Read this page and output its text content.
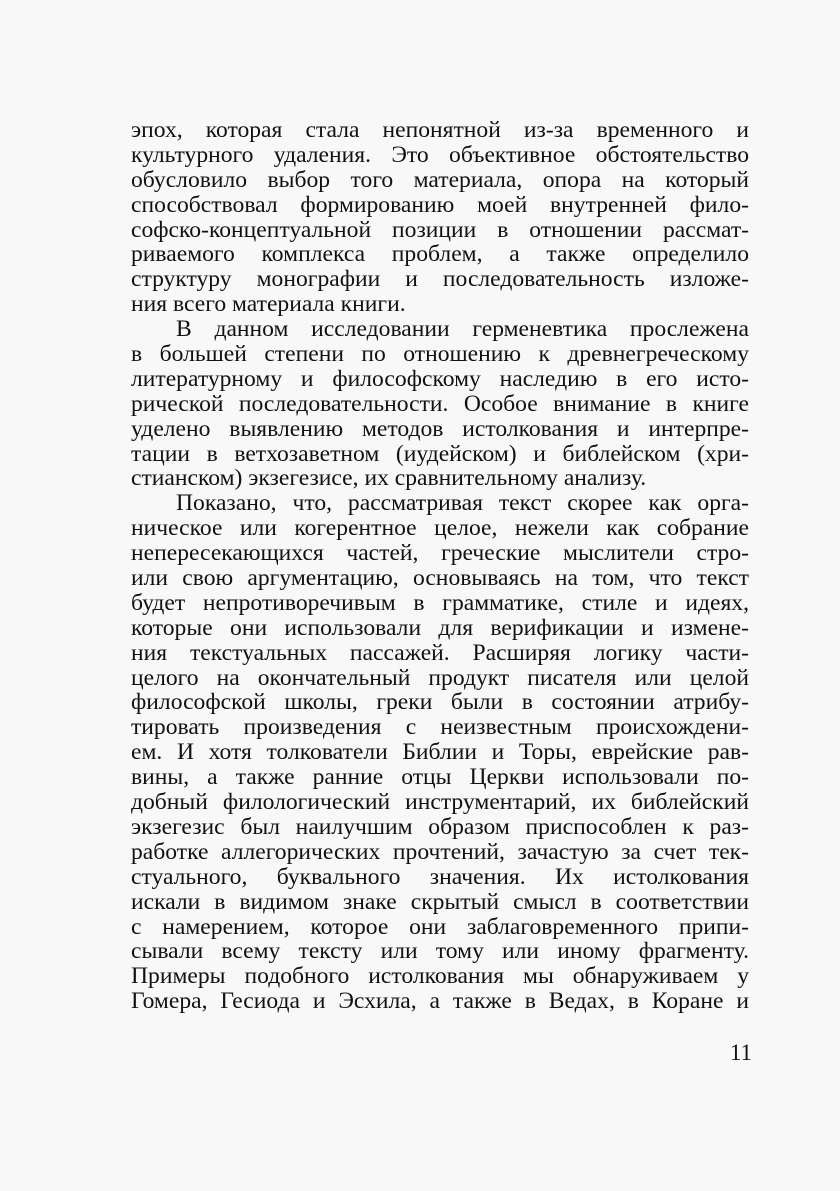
эпох, которая стала непонятной из-за временного и
культурного удаления. Это объективное обстоятельство
обусловило выбор того материала, опора на который
способствовал формированию моей внутренней фило-
софско-концептуальной позиции в отношении рассмат-
риваемого комплекса проблем, а также определило
структуру монографии и последовательность изложе-
ния всего материала книги.
В данном исследовании герменевтика прослежена
в большей степени по отношению к древнегреческому
литературному и философскому наследию в его исто-
рической последовательности. Особое внимание в книге
уделено выявлению методов истолкования и интерпре-
тации в ветхозаветном (иудейском) и библейском (хри-
стианском) экзегезисе, их сравнительному анализу.
Показано, что, рассматривая текст скорее как орга-
ническое или когерентное целое, нежели как собрание
непересекающихся частей, греческие мыслители стро-
или свою аргументацию, основываясь на том, что текст
будет непротиворечивым в грамматике, стиле и идеях,
которые они использовали для верификации и измене-
ния текстуальных пассажей. Расширяя логику части-
целого на окончательный продукт писателя или целой
философской школы, греки были в состоянии атрибу-
тировать произведения с неизвестным происхождени-
ем. И хотя толкователи Библии и Торы, еврейские рав-
вины, а также ранние отцы Церкви использовали по-
добный филологический инструментарий, их библейский
экзегезис был наилучшим образом приспособлен к раз-
работке аллегорических прочтений, зачастую за счет тек-
стуального, буквального значения. Их истолкования
искали в видимом знаке скрытый смысл в соответствии
с намерением, которое они заблаговременного припи-
сывали всему тексту или тому или иному фрагменту.
Примеры подобного истолкования мы обнаруживаем у
Гомера, Гесиода и Эсхила, а также в Ведах, в Коране и
11
